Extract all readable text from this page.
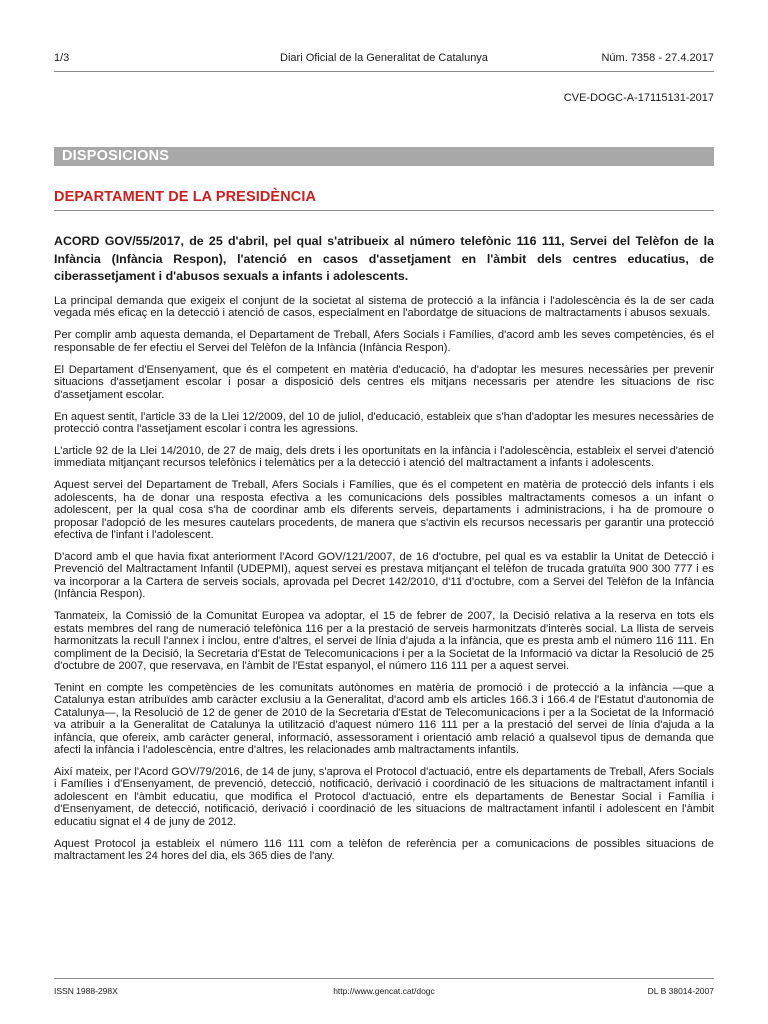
1/3	Diari Oficial de la Generalitat de Catalunya	Núm. 7358 - 27.4.2017
CVE-DOGC-A-17115131-2017
DISPOSICIONS
DEPARTAMENT DE LA PRESIDÈNCIA
ACORD GOV/55/2017, de 25 d'abril, pel qual s'atribueix al número telefònic 116 111, Servei del Telèfon de la Infància (Infància Respon), l'atenció en casos d'assetjament en l'àmbit dels centres educatius, de ciberassetjament i d'abusos sexuals a infants i adolescents.

La principal demanda que exigeix el conjunt de la societat al sistema de protecció a la infància i l'adolescència és la de ser cada vegada més eficaç en la detecció i atenció de casos, especialment en l'abordatge de situacions de maltractaments i abusos sexuals.

Per complir amb aquesta demanda, el Departament de Treball, Afers Socials i Famílies, d'acord amb les seves competències, és el responsable de fer efectiu el Servei del Telèfon de la Infància (Infància Respon).

El Departament d'Ensenyament, que és el competent en matèria d'educació, ha d'adoptar les mesures necessàries per prevenir situacions d'assetjament escolar i posar a disposició dels centres els mitjans necessaris per atendre les situacions de risc d'assetjament escolar.

En aquest sentit, l'article 33 de la Llei 12/2009, del 10 de juliol, d'educació, estableix que s'han d'adoptar les mesures necessàries de protecció contra l'assetjament escolar i contra les agressions.

L'article 92 de la Llei 14/2010, de 27 de maig, dels drets i les oportunitats en la infància i l'adolescència, estableix el servei d'atenció immediata mitjançant recursos telefònics i telemàtics per a la detecció i atenció del maltractament a infants i adolescents.

Aquest servei del Departament de Treball, Afers Socials i Famílies, que és el competent en matèria de protecció dels infants i els adolescents, ha de donar una resposta efectiva a les comunicacions dels possibles maltractaments comesos a un infant o adolescent, per la qual cosa s'ha de coordinar amb els diferents serveis, departaments i administracions, i ha de promoure o proposar l'adopció de les mesures cautelars procedents, de manera que s'activin els recursos necessaris per garantir una protecció efectiva de l'infant i l'adolescent.

D'acord amb el que havia fixat anteriorment l'Acord GOV/121/2007, de 16 d'octubre, pel qual es va establir la Unitat de Detecció i Prevenció del Maltractament Infantil (UDEPMI), aquest servei es prestava mitjançant el telèfon de trucada gratuïta 900 300 777 i es va incorporar a la Cartera de serveis socials, aprovada pel Decret 142/2010, d'11 d'octubre, com a Servei del Telèfon de la Infància (Infància Respon).

Tanmateix, la Comissió de la Comunitat Europea va adoptar, el 15 de febrer de 2007, la Decisió relativa a la reserva en tots els estats membres del rang de numeració telefònica 116 per a la prestació de serveis harmonitzats d'interès social. La llista de serveis harmonitzats la recull l'annex i inclou, entre d'altres, el servei de línia d'ajuda a la infància, que es presta amb el número 116 111. En compliment de la Decisió, la Secretaria d'Estat de Telecomunicacions i per a la Societat de la Informació va dictar la Resolució de 25 d'octubre de 2007, que reservava, en l'àmbit de l'Estat espanyol, el número 116 111 per a aquest servei.

Tenint en compte les competències de les comunitats autònomes en matèria de promoció i de protecció a la infància —que a Catalunya estan atribuïdes amb caràcter exclusiu a la Generalitat, d'acord amb els articles 166.3 i 166.4 de l'Estatut d'autonomia de Catalunya—, la Resolució de 12 de gener de 2010 de la Secretaria d'Estat de Telecomunicacions i per a la Societat de la Informació va atribuir a la Generalitat de Catalunya la utilització d'aquest número 116 111 per a la prestació del servei de línia d'ajuda a la infància, que ofereix, amb caràcter general, informació, assessorament i orientació amb relació a qualsevol tipus de demanda que afecti la infància i l'adolescència, entre d'altres, les relacionades amb maltractaments infantils.

Així mateix, per l'Acord GOV/79/2016, de 14 de juny, s'aprova el Protocol d'actuació, entre els departaments de Treball, Afers Socials i Famílies i d'Ensenyament, de prevenció, detecció, notificació, derivació i coordinació de les situacions de maltractament infantil i adolescent en l'àmbit educatiu, que modifica el Protocol d'actuació, entre els departaments de Benestar Social i Família i d'Ensenyament, de detecció, notificació, derivació i coordinació de les situacions de maltractament infantil i adolescent en l'àmbit educatiu signat el 4 de juny de 2012.

Aquest Protocol ja estableix el número 116 111 com a telèfon de referència per a comunicacions de possibles situacions de maltractament les 24 hores del dia, els 365 dies de l'any.

ISSN 1988-298X	http://www.gencat.cat/dogc	DL B 38014-2007
